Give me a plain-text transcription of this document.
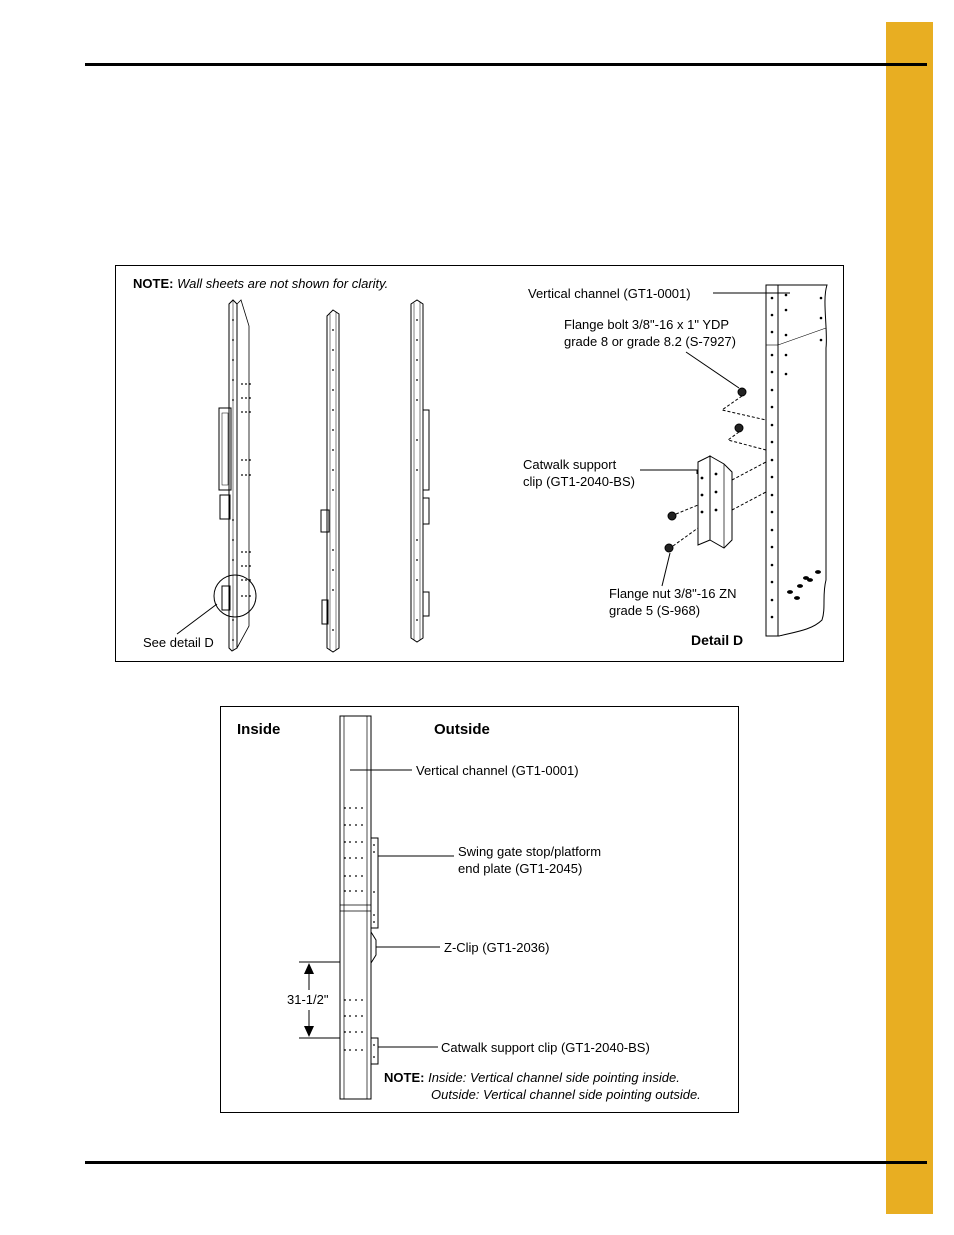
NOTE: Wall sheets are not shown for clarity.
See detail D
Vertical channel (GT1-0001)
Flange bolt 3/8"-16 x 1" YDP
grade 8 or grade 8.2 (S-7927)
Catwalk support
clip (GT1-2040-BS)
Flange nut 3/8"-16 ZN
grade 5 (S-968)
Detail D
Inside	Outside
Vertical channel (GT1-0001)
Swing gate stop/platform
end plate (GT1-2045)
Z-Clip (GT1-2036)
31-1/2"
Catwalk support clip (GT1-2040-BS)
NOTE: Inside: Vertical channel side pointing inside.
Outside: Vertical channel side pointing outside.
